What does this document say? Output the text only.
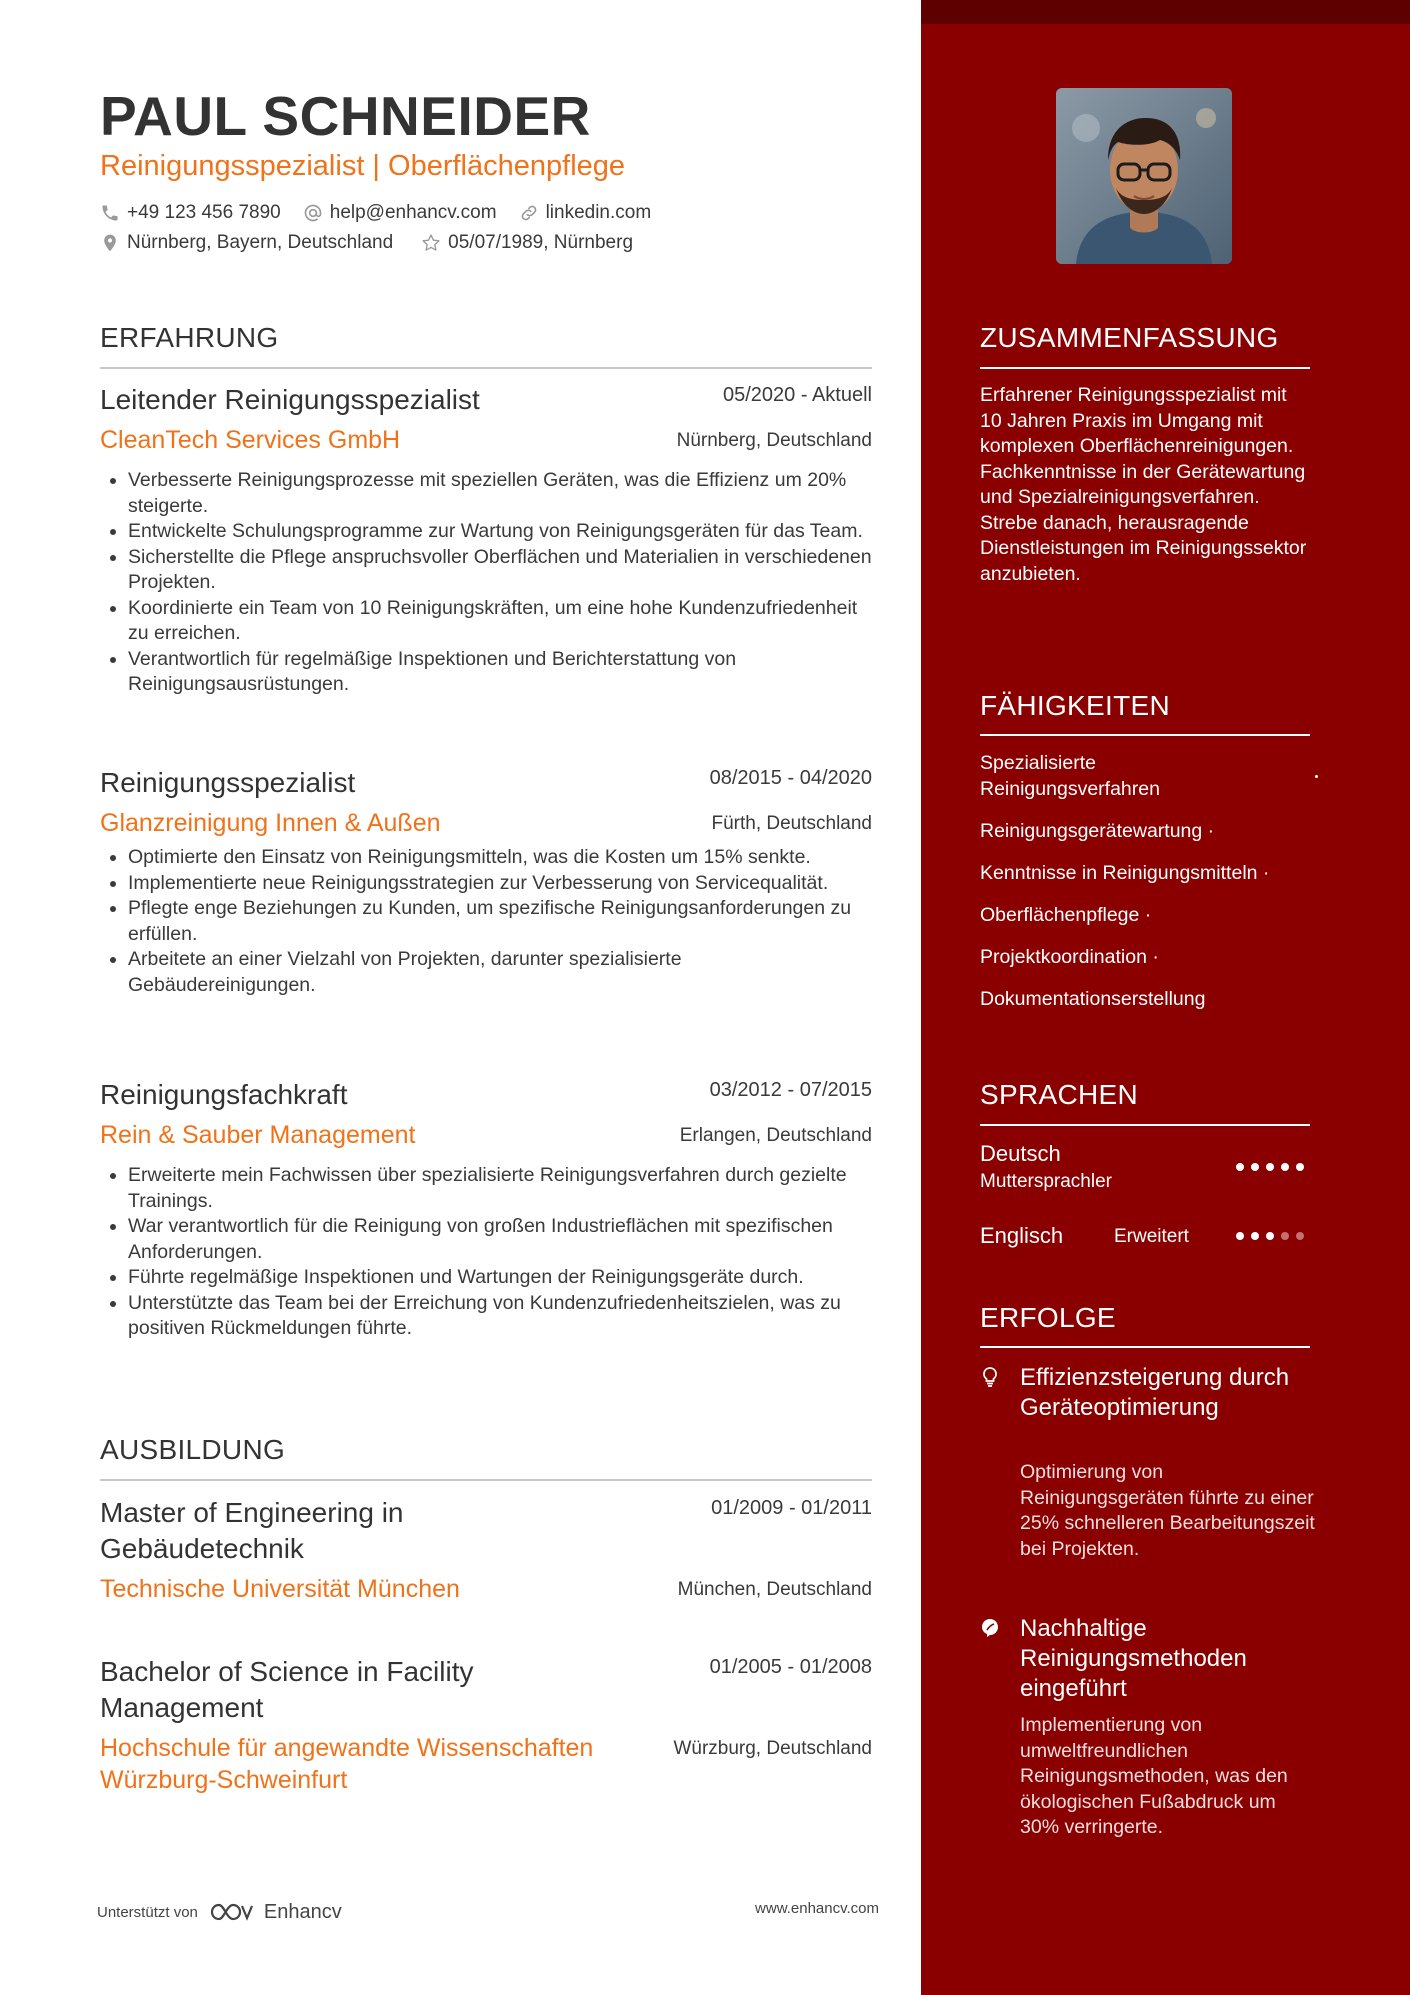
PAUL SCHNEIDER
Reinigungsspezialist | Oberflächenpflege
+49 123 456 7890	help@enhancv.com	linkedin.com
Nürnberg, Bayern, Deutschland	05/07/1989, Nürnberg
ERFAHRUNG
Leitender Reinigungsspezialist	05/2020 - Aktuell
CleanTech Services GmbH	Nürnberg, Deutschland
Verbesserte Reinigungsprozesse mit speziellen Geräten, was die Effizienz um 20% steigerte.
Entwickelte Schulungsprogramme zur Wartung von Reinigungsgeräten für das Team.
Sicherstellte die Pflege anspruchsvoller Oberflächen und Materialien in verschiedenen Projekten.
Koordinierte ein Team von 10 Reinigungskräften, um eine hohe Kundenzufriedenheit zu erreichen.
Verantwortlich für regelmäßige Inspektionen und Berichterstattung von Reinigungsausrüstungen.
Reinigungsspezialist	08/2015 - 04/2020
Glanzreinigung Innen & Außen	Fürth, Deutschland
Optimierte den Einsatz von Reinigungsmitteln, was die Kosten um 15% senkte.
Implementierte neue Reinigungsstrategien zur Verbesserung von Servicequalität.
Pflegte enge Beziehungen zu Kunden, um spezifische Reinigungsanforderungen zu erfüllen.
Arbeitete an einer Vielzahl von Projekten, darunter spezialisierte Gebäudereinigungen.
Reinigungsfachkraft	03/2012 - 07/2015
Rein & Sauber Management	Erlangen, Deutschland
Erweiterte mein Fachwissen über spezialisierte Reinigungsverfahren durch gezielte Trainings.
War verantwortlich für die Reinigung von großen Industrieflächen mit spezifischen Anforderungen.
Führte regelmäßige Inspektionen und Wartungen der Reinigungsgeräte durch.
Unterstützte das Team bei der Erreichung von Kundenzufriedenheitszielen, was zu positiven Rückmeldungen führte.
AUSBILDUNG
Master of Engineering in Gebäudetechnik
01/2009 - 01/2011
Technische Universität München	München, Deutschland
Bachelor of Science in Facility Management
01/2005 - 01/2008
Hochschule für angewandte Wissenschaften Würzburg-Schweinfurt
Würzburg, Deutschland
Unterstützt von	Enhancv	www.enhancv.com
ZUSAMMENFASSUNG
Erfahrener Reinigungsspezialist mit 10 Jahren Praxis im Umgang mit komplexen Oberflächenreinigungen. Fachkenntnisse in der Gerätewartung und Spezialreinigungsverfahren. Strebe danach, herausragende Dienstleistungen im Reinigungssektor anzubieten.
FÄHIGKEITEN
Spezialisierte Reinigungsverfahren
Reinigungsgerätewartung ·
Kenntnisse in Reinigungsmitteln ·
Oberflächenpflege ·
Projektkoordination ·
Dokumentationserstellung
SPRACHEN
Deutsch
Muttersprachler
Englisch	Erweitert
ERFOLGE
Effizienzsteigerung durch Geräteoptimierung
Optimierung von Reinigungsgeräten führte zu einer 25% schnelleren Bearbeitungszeit bei Projekten.
Nachhaltige Reinigungsmethoden eingeführt
Implementierung von umweltfreundlichen Reinigungsmethoden, was den ökologischen Fußabdruck um 30% verringerte.
